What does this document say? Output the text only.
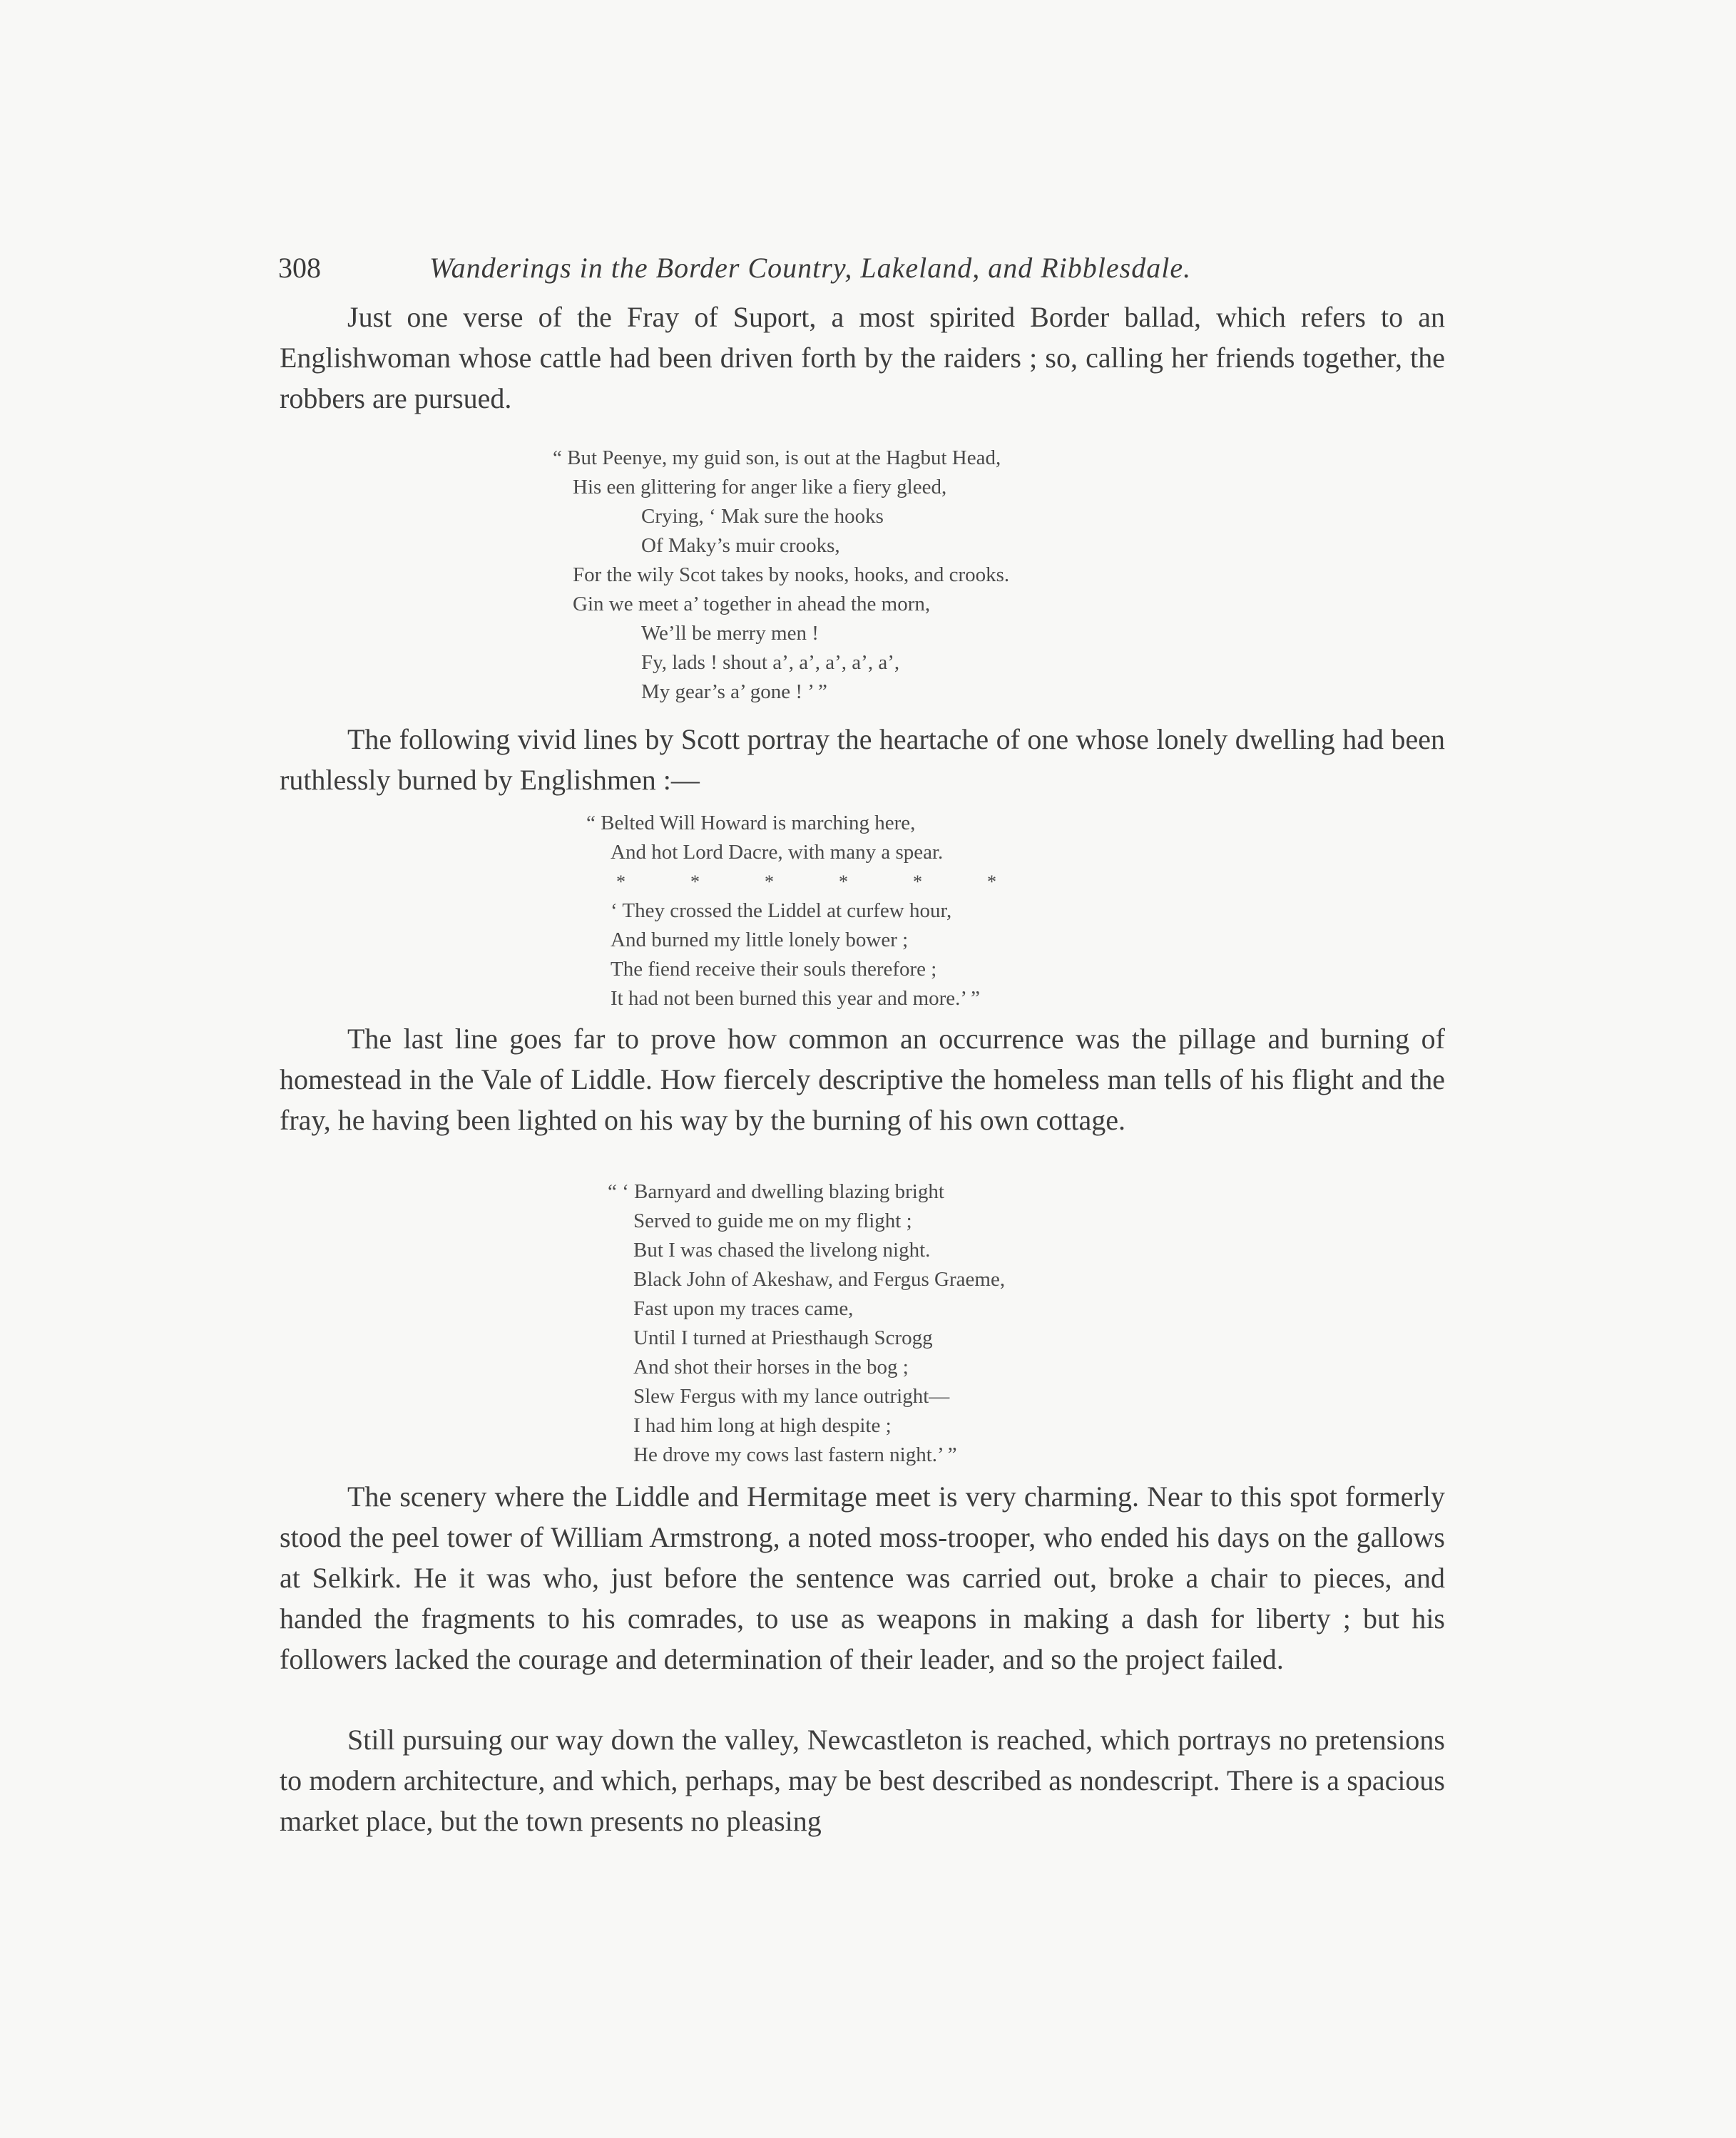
308	Wanderings in the Border Country, Lakeland, and Ribblesdale.

Just one verse of the Fray of Suport, a most spirited Border ballad, which refers to an Englishwoman whose cattle had been driven forth by the raiders ; so, calling her friends together, the robbers are pursued.

“ But Peenye, my guid son, is out at the Hagbut Head,
His een glittering for anger like a fiery gleed,
Crying, ‘ Mak sure the hooks
Of Maky’s muir crooks,
For the wily Scot takes by nooks, hooks, and crooks.
Gin we meet a’ together in ahead the morn,
We’ll be merry men !
Fy, lads ! shout a’, a’, a’, a’, a’,
My gear’s a’ gone ! ’ ”

The following vivid lines by Scott portray the heartache of one whose lonely dwelling had been ruthlessly burned by Englishmen :—

“ Belted Will Howard is marching here,
And hot Lord Dacre, with many a spear.
*	*	*	*	*	*
‘ They crossed the Liddel at curfew hour,
And burned my little lonely bower ;
The fiend receive their souls therefore ;
It had not been burned this year and more.’ ”

The last line goes far to prove how common an occurrence was the pillage and burning of homestead in the Vale of Liddle. How fiercely descriptive the homeless man tells of his flight and the fray, he having been lighted on his way by the burning of his own cottage.

“ ‘ Barnyard and dwelling blazing bright
Served to guide me on my flight ;
But I was chased the livelong night.
Black John of Akeshaw, and Fergus Graeme,
Fast upon my traces came,
Until I turned at Priesthaugh Scrogg
And shot their horses in the bog ;
Slew Fergus with my lance outright—
I had him long at high despite ;
He drove my cows last fastern night.’ ”

The scenery where the Liddle and Hermitage meet is very charming. Near to this spot formerly stood the peel tower of William Armstrong, a noted moss-trooper, who ended his days on the gallows at Selkirk. He it was who, just before the sentence was carried out, broke a chair to pieces, and handed the fragments to his comrades, to use as weapons in making a dash for liberty ; but his followers lacked the courage and determination of their leader, and so the project failed.

Still pursuing our way down the valley, Newcastleton is reached, which portrays no pretensions to modern architecture, and which, perhaps, may be best described as nondescript. There is a spacious market place, but the town presents no pleasing
